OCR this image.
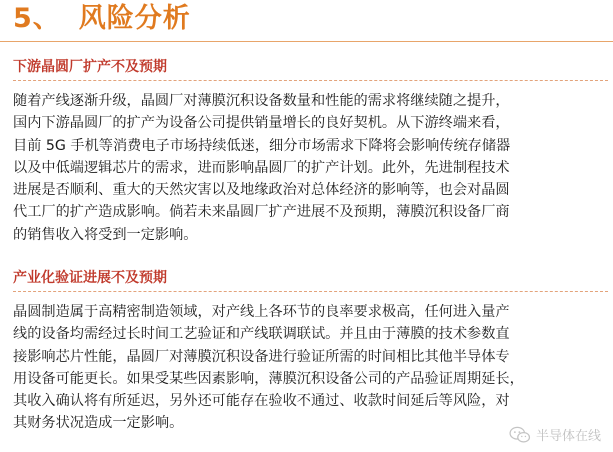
5、 风险分析
下游晶圆厂扩产不及预期
随着产线逐渐升级，晶圆厂对薄膜沉积设备数量和性能的需求将继续随之提升，
国内下游晶圆厂的扩产为设备公司提供销量增长的良好契机。从下游终端来看，
目前 5G 手机等消费电子市场持续低迷，细分市场需求下降将会影响传统存储器
以及中低端逻辑芯片的需求，进而影响晶圆厂的扩产计划。此外，先进制程技术
进展是否顺利、重大的天然灾害以及地缘政治对总体经济的影响等，也会对晶圆
代工厂的扩产造成影响。倘若未来晶圆厂扩产进展不及预期，薄膜沉积设备厂商
的销售收入将受到一定影响。
产业化验证进展不及预期
晶圆制造属于高精密制造领域，对产线上各环节的良率要求极高，任何进入量产
线的设备均需经过长时间工艺验证和产线联调联试。并且由于薄膜的技术参数直
接影响芯片性能，晶圆厂对薄膜沉积设备进行验证所需的时间相比其他半导体专
用设备可能更长。如果受某些因素影响，薄膜沉积设备公司的产品验证周期延长，
其收入确认将有所延迟，另外还可能存在验收不通过、收款时间延后等风险，对
其财务状况造成一定影响。
半导体在线
